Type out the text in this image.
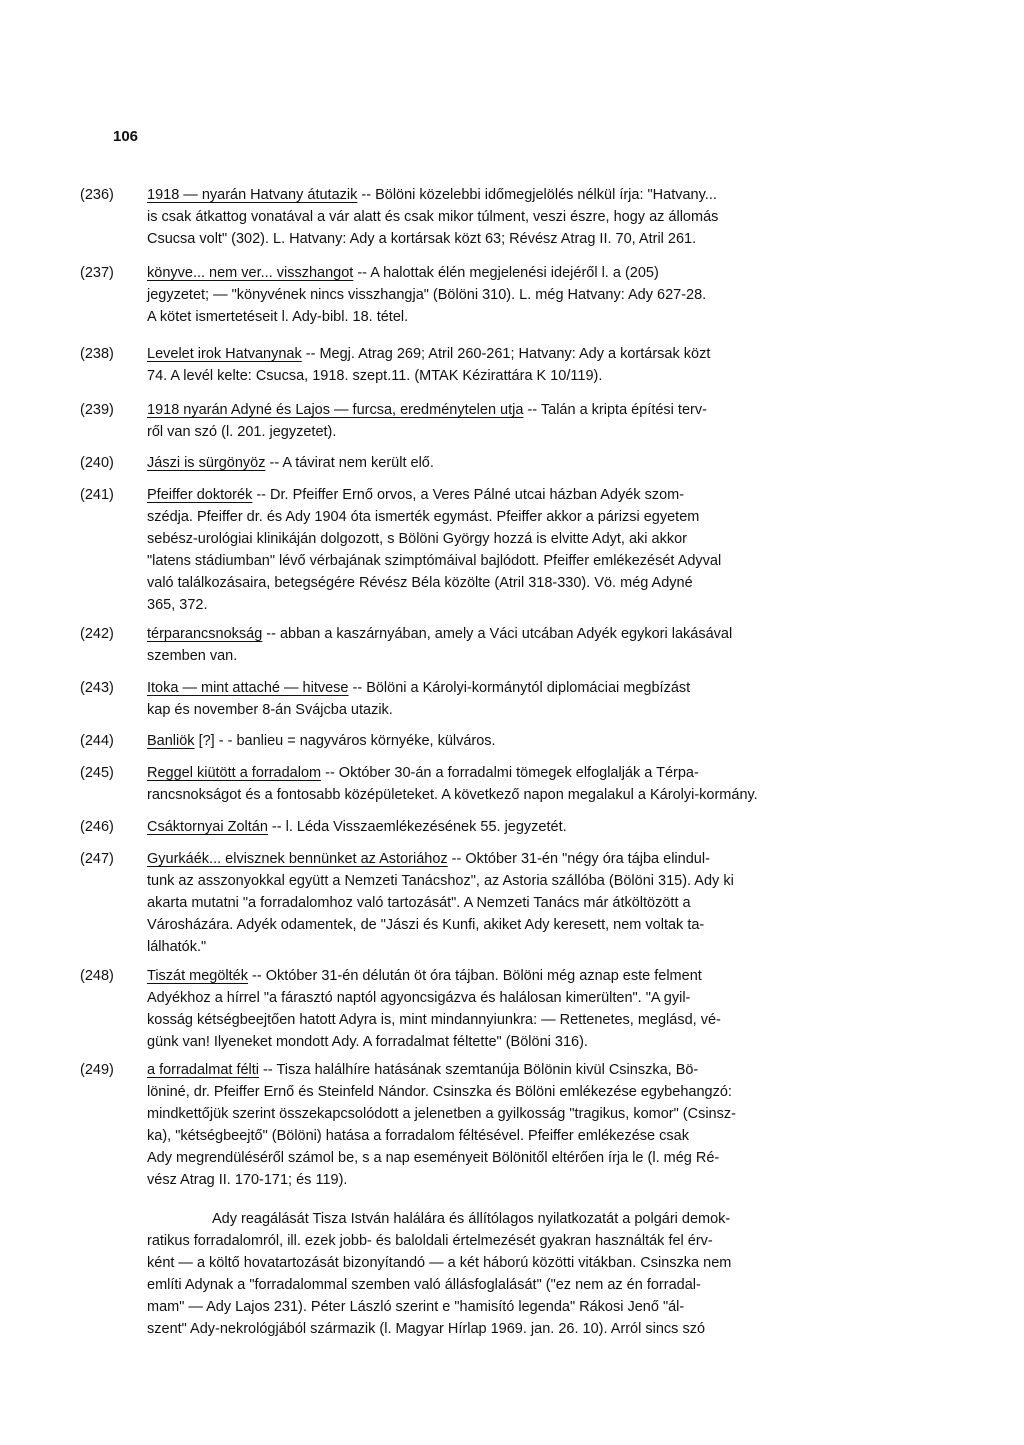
106
(236)	1918 — nyarán Hatvany átutazik -- Bölöni közelebbi időmegjelölés nélkül írja: "Hatvany...
is csak átkattog vonatával a vár alatt és csak mikor túlment, veszi észre, hogy az állomás
Csucsa volt" (302). L. Hatvany: Ady a kortársak közt 63; Révész Atrag II. 70, Atril 261.
(237)	könyve... nem ver... visszhangot -- A halottak élén megjelenési idejéről l. a (205)
jegyzetet; — "könyvének nincs visszhangja" (Bölöni 310). L. még Hatvany: Ady 627-28.
A kötet ismertetéseit l. Ady-bibl. 18. tétel.
(238)	Levelet irok Hatvanynak -- Megj. Atrag 269; Atril 260-261; Hatvany: Ady a kortársak közt
74. A levél kelte: Csucsa, 1918. szept.11. (MTAK Kézirattára K 10/119).
(239)	1918 nyarán Adyné és Lajos — furcsa, eredménytelen utja -- Talán a kripta építési terv-
ről van szó (l. 201. jegyzetet).
(240)	Jászi is sürgönyöz -- A távirat nem került elő.
(241)	Pfeiffer doktorék -- Dr. Pfeiffer Ernő orvos, a Veres Pálné utcai házban Adyék szom-
szédja. Pfeiffer dr. és Ady 1904 óta ismerték egymást. Pfeiffer akkor a párizsi egyetem
sebész-urológiai klinikáján dolgozott, s Bölöni György hozzá is elvitte Adyt, aki akkor
"latens stádiumban" lévő vérbajának szimptómáival bajlódott. Pfeiffer emlékezését Adyval
való találkozásaira, betegségére Révész Béla közölte (Atril 318-330). Vö. még Adyné
365, 372.
(242)	térparancsnokság -- abban a kaszárnyában, amely a Váci utcában Adyék egykori lakásával
szemben van.
(243)	Itoka — mint attaché — hitvese -- Bölöni a Károlyi-kormánytól diplomáciai megbízást
kap és november 8-án Svájcba utazik.
(244)	Banliök [?] - - banlieu = nagyváros környéke, külváros.
(245)	Reggel kiütött a forradalom -- Október 30-án a forradalmi tömegek elfoglalják a Térpa-
rancsnokságot és a fontosabb középületeket. A következő napon megalakul a Károlyi-kormány.
(246)	Csáktornyai Zoltán -- l. Léda Visszaemlékezésének 55. jegyzetét.
(247)	Gyurkáék... elvisznek bennünket az Astoriához -- Október 31-én "négy óra tájba elindul-
tunk az asszonyokkal együtt a Nemzeti Tanácshoz", az Astoria szállóba (Bölöni 315). Ady ki
akarta mutatni "a forradalomhoz való tartozását". A Nemzeti Tanács már átköltözött a
Városházára. Adyék odamentek, de "Jászi és Kunfi, akiket Ady keresett, nem voltak ta-
lálhatók."
(248)	Tiszát megölték -- Október 31-én délután öt óra tájban. Bölöni még aznap este felment
Adyékhoz a hírrel "a fárasztó naptól agyoncsigázva és halálosan kimerülten". "A gyil-
kosság kétségbeejtően hatott Adyra is, mint mindannyiunkra: — Rettenetes, meglásd, vé-
günk van! Ilyeneket mondott Ady. A forradalmat féltette" (Bölöni 316).
(249)	a forradalmat félti -- Tisza halálhíre hatásának szemtanúja Bölönin kivül Csinszka, Bö-
löniné, dr. Pfeiffer Ernő és Steinfeld Nándor. Csinszka és Bölöni emlékezése egybehangzó:
mindkettőjük szerint összekapcsolódott a jelenetben a gyilkosság "tragikus, komor" (Csinsz-
ka), "kétségbeejtő" (Bölöni) hatása a forradalom féltésével. Pfeiffer emlékezése csak
Ady megrendüléséről számol be, s a nap eseményeit Bölönitől eltérően írja le (l. még Ré-
vész Atrag II. 170-171; és 119).
Ady reagálását Tisza István halálára és állítólagos nyilatkozatát a polgári demok-
ratikus forradalomról, ill. ezek jobb- és baloldali értelmezését gyakran használták fel érv-
ként — a költő hovatartozását bizonyítandó — a két háború közötti vitákban. Csinszka nem
említi Adynak a "forradalommal szemben való állásfoglalását" ("ez nem az én forradal-
mam" — Ady Lajos 231). Péter László szerint e "hamisító legenda" Rákosi Jenő "ál-
szent" Ady-nekrológjából származik (l. Magyar Hírlap 1969. jan. 26. 10). Arról sincs szó
